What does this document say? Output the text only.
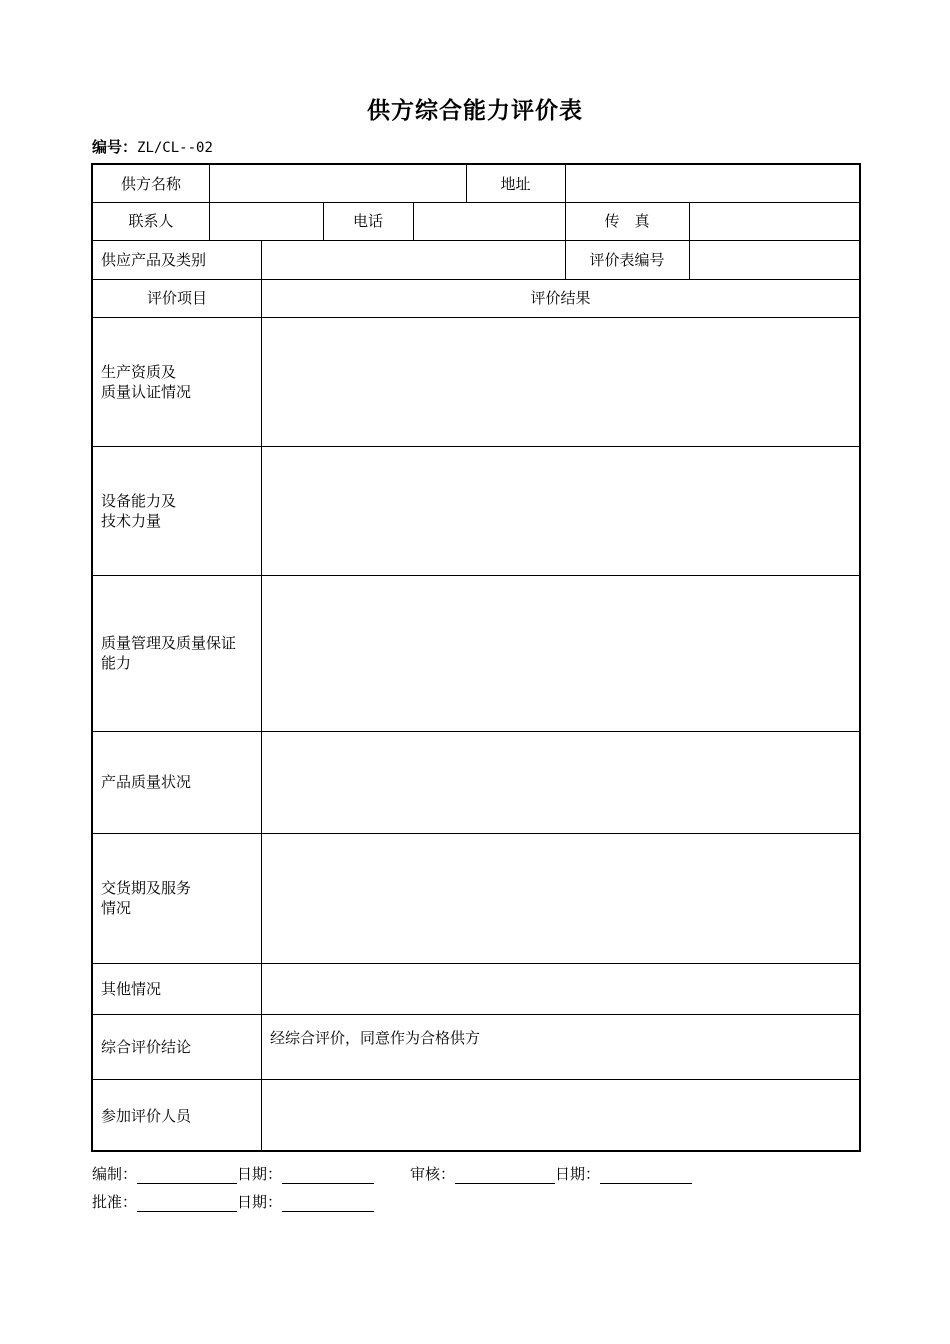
供方综合能力评价表
编号：ZL/CL--02
供方名称	地址
联系人	电话	传　真
供应产品及类别	评价表编号
评价项目	评价结果
生产资质及
质量认证情况
设备能力及
技术力量
质量管理及质量保证
能力
产品质量状况
交货期及服务
情况
其他情况
综合评价结论	经综合评价，同意作为合格供方
参加评价人员
编制：	日期：	审核：	日期：
批准：	日期：
